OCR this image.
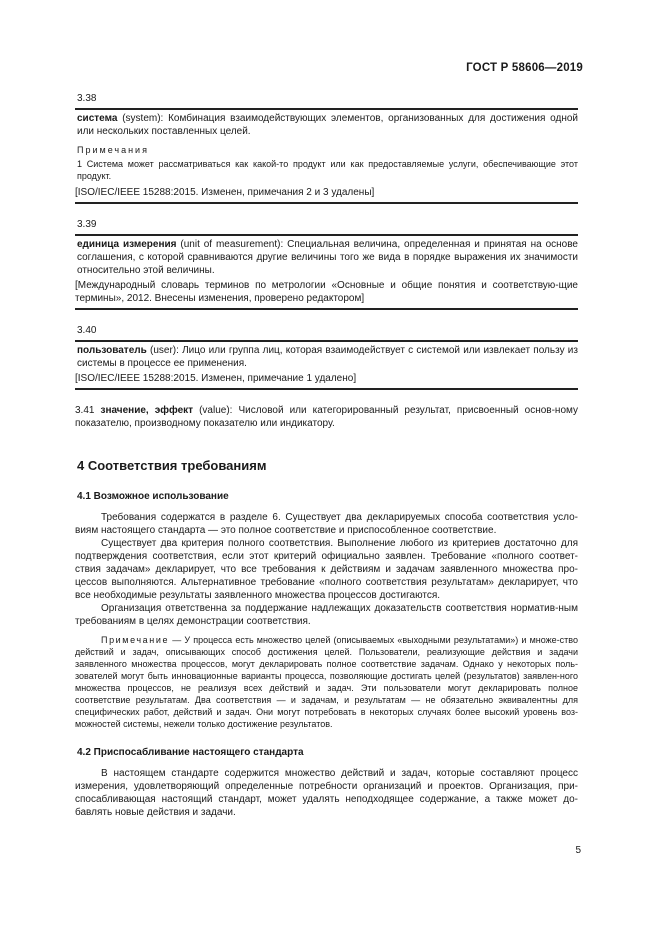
ГОСТ Р 58606—2019
3.38

система (system): Комбинация взаимодействующих элементов, организованных для достижения одной или нескольких поставленных целей.

Примечания

1 Система может рассматриваться как какой-то продукт или как предоставляемые услуги, обеспечивающие этот продукт.

[ISO/IEC/IEEE 15288:2015. Изменен, примечания 2 и 3 удалены]

3.39

единица измерения (unit of measurement): Специальная величина, определенная и принятая на основе соглашения, с которой сравниваются другие величины того же вида в порядке выражения их значимости относительно этой величины.

[Международный словарь терминов по метрологии «Основные и общие понятия и соответствую-щие термины», 2012. Внесены изменения, проверено редактором]

3.40

пользователь (user): Лицо или группа лиц, которая взаимодействует с системой или извлекает пользу из системы в процессе ее применения.

[ISO/IEC/IEEE 15288:2015. Изменен, примечание 1 удалено]

3.41 значение, эффект (value): Числовой или категорированный результат, присвоенный основ-ному показателю, производному показателю или индикатору.

4 Соответствия требованиям
4.1 Возможное использование

Требования содержатся в разделе 6. Существует два декларируемых способа соответствия усло-виям настоящего стандарта — это полное соответствие и приспособленное соответствие.

Существует два критерия полного соответствия. Выполнение любого из критериев достаточно для подтверждения соответствия, если этот критерий официально заявлен. Требование «полного соответ-ствия задачам» декларирует, что все требования к действиям и задачам заявленного множества про-цессов выполняются. Альтернативное требование «полного соответствия результатам» декларирует, что все необходимые результаты заявленного множества процессов достигаются.

Организация ответственна за поддержание надлежащих доказательств соответствия норматив-ным требованиям в целях демонстрации соответствия.

Примечание — У процесса есть множество целей (описываемых «выходными результатами») и множе-ство действий и задач, описывающих способ достижения целей. Пользователи, реализующие действия и задачи заявленного множества процессов, могут декларировать полное соответствие задачам. Однако у некоторых поль-зователей могут быть инновационные варианты процесса, позволяющие достигать целей (результатов) заявлен-ного множества процессов, не реализуя всех действий и задач. Эти пользователи могут декларировать полное соответствие результатам. Два соответствия — и задачам, и результатам — не обязательно эквивалентны для специфических работ, действий и задач. Они могут потребовать в некоторых случаях более высокий уровень воз-можностей системы, нежели только достижение результатов.

4.2 Приспосабливание настоящего стандарта

В настоящем стандарте содержится множество действий и задач, которые составляют процесс измерения, удовлетворяющий определенные потребности организаций и проектов. Организация, при-спосабливающая настоящий стандарт, может удалять неподходящее содержание, а также может до-бавлять новые действия и задачи.

5
